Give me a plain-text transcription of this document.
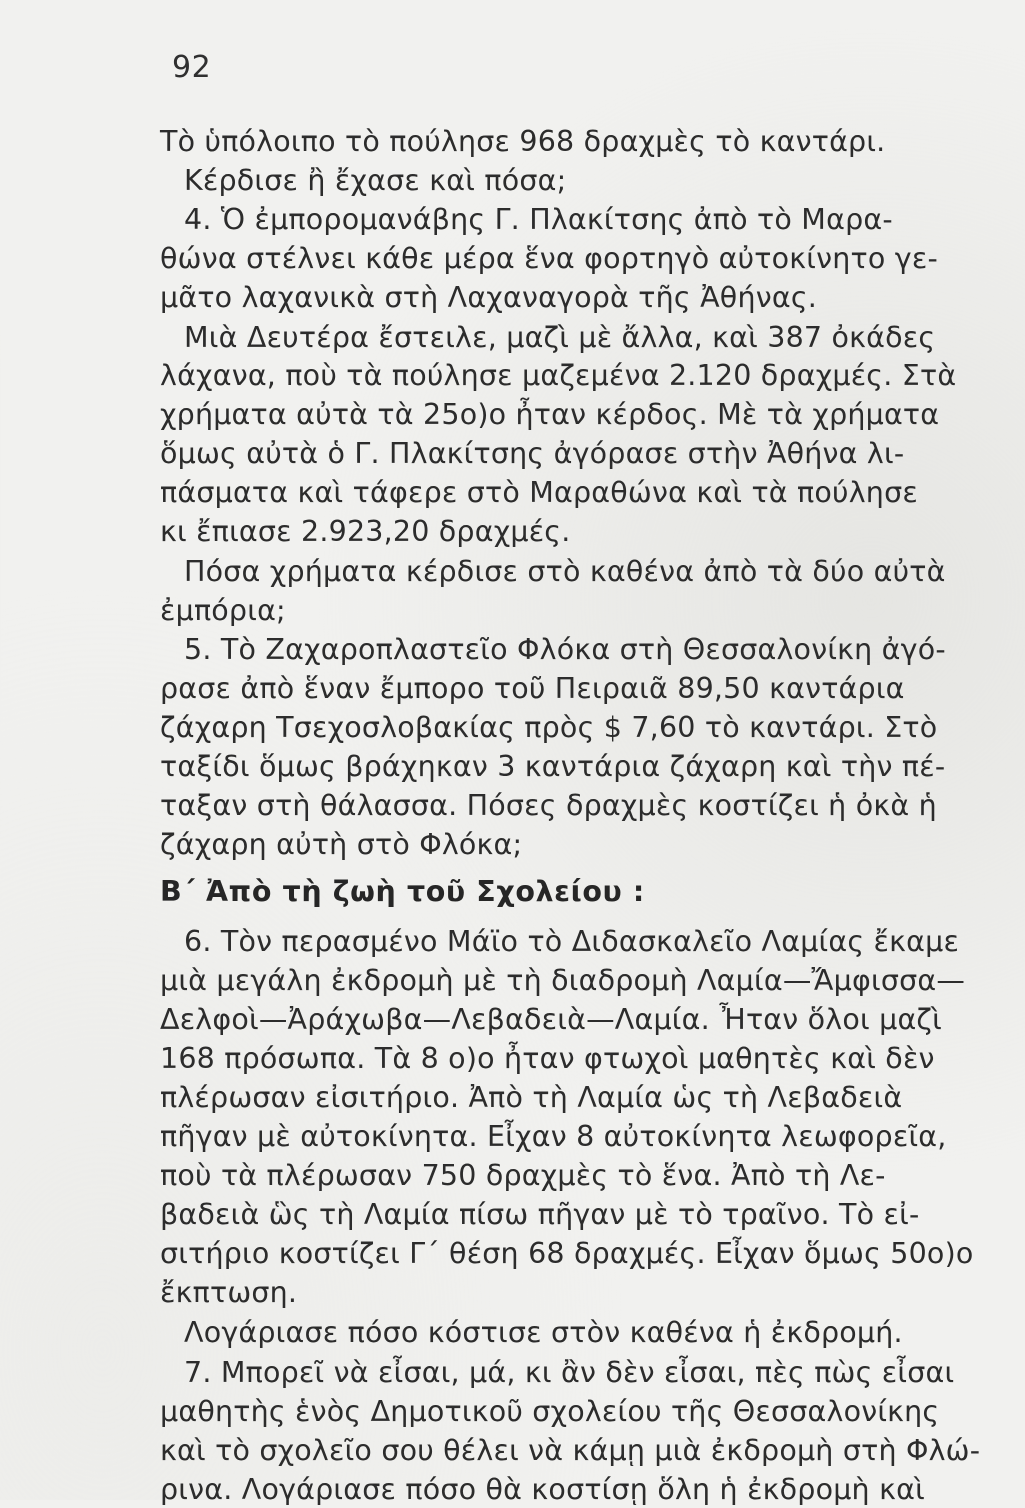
92
Τὸ ὑπόλοιπο τὸ πούλησε 968 δραχμὲς τὸ καντάρι.
Κέρδισε ἢ ἔχασε καὶ πόσα;
4. Ὁ ἐμπορομανάβης Γ. Πλακίτσης ἀπὸ τὸ Μαρα-
θώνα στέλνει κάθε μέρα ἕνα φορτηγὸ αὐτοκίνητο γε-
μᾶτο λαχανικὰ στὴ Λαχαναγορὰ τῆς Ἀθήνας.
Μιὰ Δευτέρα ἔστειλε, μαζὶ μὲ ἄλλα, καὶ 387 ὀκάδες
λάχανα, ποὺ τὰ πούλησε μαζεμένα 2.120 δραχμές. Στὰ
χρήματα αὐτὰ τὰ 25ο)ο ἦταν κέρδος. Μὲ τὰ χρήματα
ὅμως αὐτὰ ὁ Γ. Πλακίτσης ἀγόρασε στὴν Ἀθήνα λι-
πάσματα καὶ τάφερε στὸ Μαραθώνα καὶ τὰ πούλησε
κι ἔπιασε 2.923,20 δραχμές.
Πόσα χρήματα κέρδισε στὸ καθένα ἀπὸ τὰ δύο αὐτὰ
ἐμπόρια;
5. Τὸ Ζαχαροπλαστεῖο Φλόκα στὴ Θεσσαλονίκη ἀγό-
ρασε ἀπὸ ἕναν ἔμπορο τοῦ Πειραιᾶ 89,50 καντάρια
ζάχαρη Τσεχοσλοβακίας πρὸς $ 7,60 τὸ καντάρι. Στὸ
ταξίδι ὅμως βράχηκαν 3 καντάρια ζάχαρη καὶ τὴν πέ-
ταξαν στὴ θάλασσα. Πόσες δραχμὲς κοστίζει ἡ ὀκὰ ἡ
ζάχαρη αὐτὴ στὸ Φλόκα;
Β΄ Ἀπὸ τὴ ζωὴ τοῦ Σχολείου :
6. Τὸν περασμένο Μάϊο τὸ Διδασκαλεῖο Λαμίας ἔκαμε
μιὰ μεγάλη ἐκδρομὴ μὲ τὴ διαδρομὴ Λαμία—Ἄμφισσα—
Δελφοὶ—Ἀράχωβα—Λεβαδειὰ—Λαμία. Ἦταν ὅλοι μαζὶ
168 πρόσωπα. Τὰ 8 ο)ο ἦταν φτωχοὶ μαθητὲς καὶ δὲν
πλέρωσαν εἰσιτήριο. Ἀπὸ τὴ Λαμία ὡς τὴ Λεβαδειὰ
πῆγαν μὲ αὐτοκίνητα. Εἶχαν 8 αὐτοκίνητα λεωφορεῖα,
ποὺ τὰ πλέρωσαν 750 δραχμὲς τὸ ἕνα. Ἀπὸ τὴ Λε-
βαδειὰ ὣς τὴ Λαμία πίσω πῆγαν μὲ τὸ τραῖνο. Τὸ εἰ-
σιτήριο κοστίζει Γ΄ θέση 68 δραχμές. Εἶχαν ὅμως 50ο)ο
ἔκπτωση.
Λογάριασε πόσο κόστισε στὸν καθένα ἡ ἐκδρομή.
7. Μπορεῖ νὰ εἶσαι, μά, κι ἂν δὲν εἶσαι, πὲς πὼς εἶσαι
μαθητὴς ἑνὸς Δημοτικοῦ σχολείου τῆς Θεσσαλονίκης
καὶ τὸ σχολεῖο σου θέλει νὰ κάμῃ μιὰ ἐκδρομὴ στὴ Φλώ-
ρινα. Λογάριασε πόσο θὰ κοστίσῃ ὅλη ἡ ἐκδρομὴ καὶ
